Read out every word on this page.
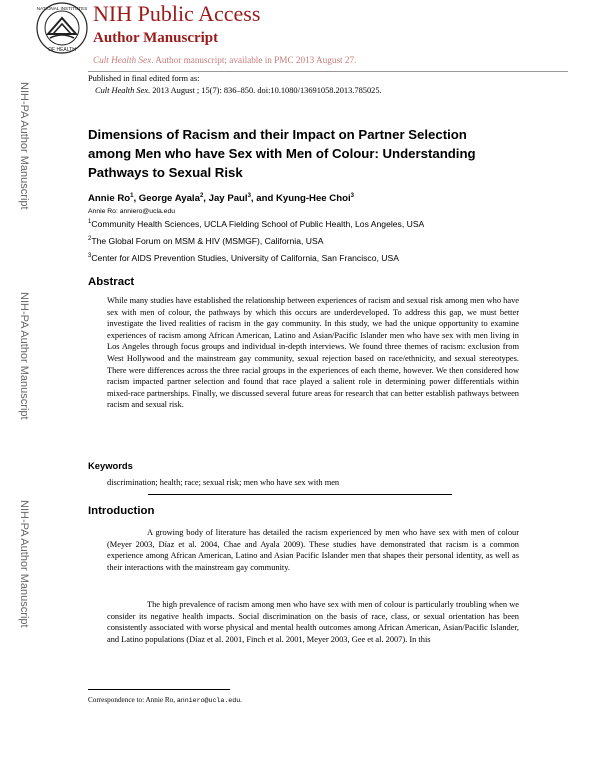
OF HEALTH
NATIONAL INSTITUTES NIH Public Access
Author Manuscript
Cult Health Sex. Author manuscript; available in PMC 2013 August 27.
Published in final edited form as:
Cult Health Sex. 2013 August ; 15(7): 836–850. doi:10.1080/13691058.2013.785025.
NIH-PA Author Manuscript
NIH-PA Author Manuscript
NIH-PA Author Manuscript
Dimensions of Racism and their Impact on Partner Selection among Men who have Sex with Men of Colour: Understanding Pathways to Sexual Risk
Annie Ro$^1$, George Ayala$^2$, Jay Paul$^3$, and Kyung-Hee Choi$^3$
Annie Ro: anniero@ucla.edu
$^1$Community Health Sciences, UCLA Fielding School of Public Health, Los Angeles, USA
$^2$The Global Forum on MSM & HIV (MSMGF), California, USA
$^3$Center for AIDS Prevention Studies, University of California, San Francisco, USA
Abstract
While many studies have established the relationship between experiences of racism and sexual risk among men who have sex with men of colour, the pathways by which this occurs are underdeveloped. To address this gap, we must better investigate the lived realities of racism in the gay community. In this study, we had the unique opportunity to examine experiences of racism among African American, Latino and Asian/Pacific Islander men who have sex with men living in Los Angeles through focus groups and individual in-depth interviews. We found three themes of racism: exclusion from West Hollywood and the mainstream gay community, sexual rejection based on race/ethnicity, and sexual stereotypes. There were differences across the three racial groups in the experiences of each theme, however. We then considered how racism impacted partner selection and found that race played a salient role in determining power differentials within mixed-race partnerships. Finally, we discussed several future areas for research that can better establish pathways between racism and sexual risk.
Keywords
discrimination; health; race; sexual risk; men who have sex with men
Introduction
A growing body of literature has detailed the racism experienced by men who have sex with men of colour (Meyer 2003, Díaz et al. 2004, Chae and Ayala 2009). These studies have demonstrated that racism is a common experience among African American, Latino and Asian Pacific Islander men that shapes their personal identity, as well as their interactions with the mainstream gay community.
The high prevalence of racism among men who have sex with men of colour is particularly troubling when we consider its negative health impacts. Social discrimination on the basis of race, class, or sexual orientation has been consistently associated with worse physical and mental health outcomes among African American, Asian/Pacific Islander, and Latino populations (Díaz et al. 2001, Finch et al. 2001, Meyer 2003, Gee et al. 2007). In this
Correspondence to: Annie Ro, anniero@ucla.edu.
